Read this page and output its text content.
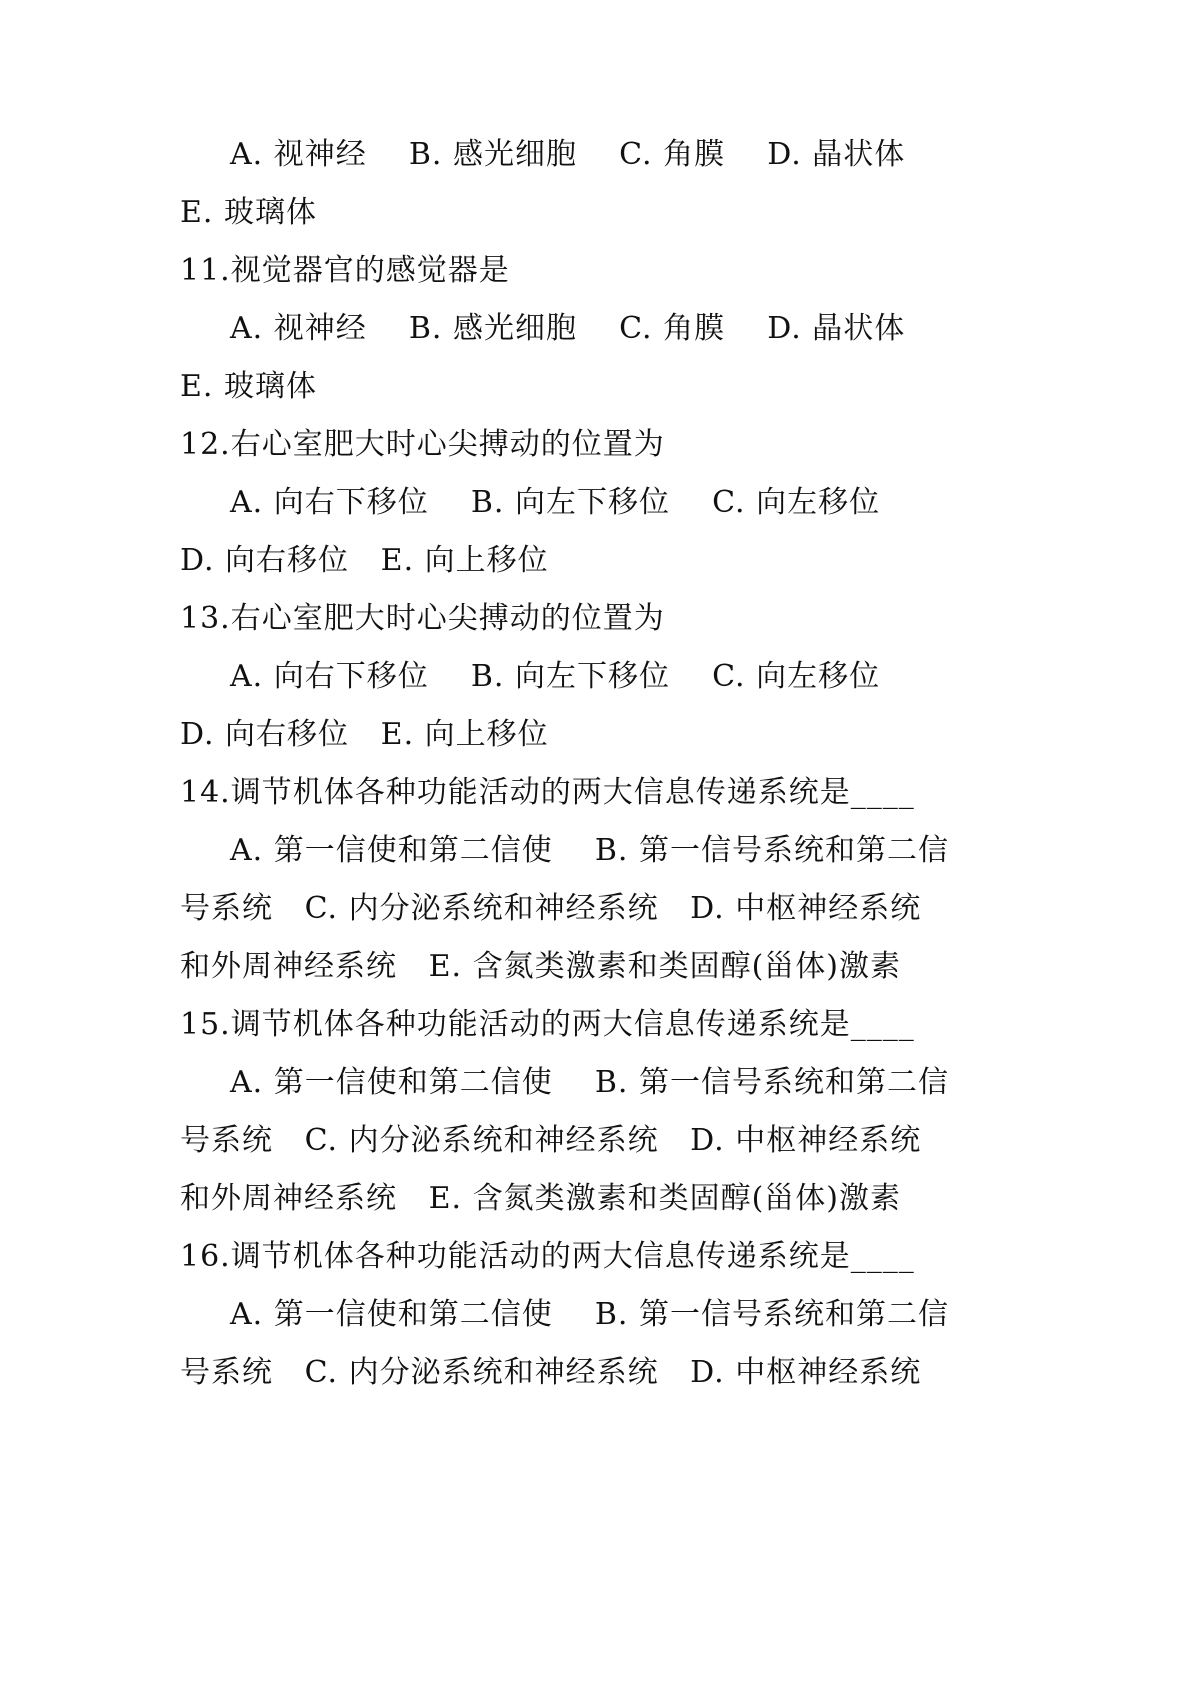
A. 视神经    B. 感光细胞    C. 角膜    D. 晶状体
E. 玻璃体
11.视觉器官的感觉器是
A. 视神经    B. 感光细胞    C. 角膜    D. 晶状体
E. 玻璃体
12.右心室肥大时心尖搏动的位置为
A. 向右下移位    B. 向左下移位    C. 向左移位
D. 向右移位   E. 向上移位
13.右心室肥大时心尖搏动的位置为
A. 向右下移位    B. 向左下移位    C. 向左移位
D. 向右移位   E. 向上移位
14.调节机体各种功能活动的两大信息传递系统是____
A. 第一信使和第二信使    B. 第一信号系统和第二信
号系统   C. 内分泌系统和神经系统   D. 中枢神经系统
和外周神经系统   E. 含氮类激素和类固醇(甾体)激素
15.调节机体各种功能活动的两大信息传递系统是____
A. 第一信使和第二信使    B. 第一信号系统和第二信
号系统   C. 内分泌系统和神经系统   D. 中枢神经系统
和外周神经系统   E. 含氮类激素和类固醇(甾体)激素
16.调节机体各种功能活动的两大信息传递系统是____
A. 第一信使和第二信使    B. 第一信号系统和第二信
号系统   C. 内分泌系统和神经系统   D. 中枢神经系统
